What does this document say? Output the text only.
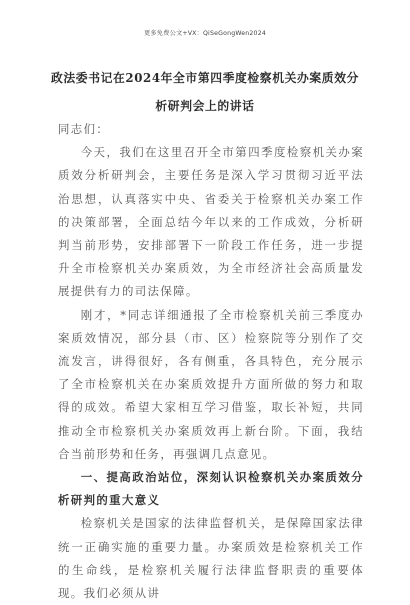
更多免费公文+VX：QiSeGongWen2024
政法委书记在2024年全市第四季度检察机关办案质效分析研判会上的讲话

同志们：

今天，我们在这里召开全市第四季度检察机关办案质效分析研判会，主要任务是深入学习贯彻习近平法治思想，认真落实中央、省委关于检察机关办案工作的决策部署，全面总结今年以来的工作成效，分析研判当前形势，安排部署下一阶段工作任务，进一步提升全市检察机关办案质效，为全市经济社会高质量发展提供有力的司法保障。

刚才，*同志详细通报了全市检察机关前三季度办案质效情况，部分县（市、区）检察院等分别作了交流发言，讲得很好，各有侧重，各具特色，充分展示了全市检察机关在办案质效提升方面所做的努力和取得的成效。希望大家相互学习借鉴，取长补短，共同推动全市检察机关办案质效再上新台阶。下面，我结合当前形势和任务，再强调几点意见。

一、提高政治站位，深刻认识检察机关办案质效分析研判的重大意义

检察机关是国家的法律监督机关，是保障国家法律统一正确实施的重要力量。办案质效是检察机关工作的生命线，是检察机关履行法律监督职责的重要体现。我们必须从讲
